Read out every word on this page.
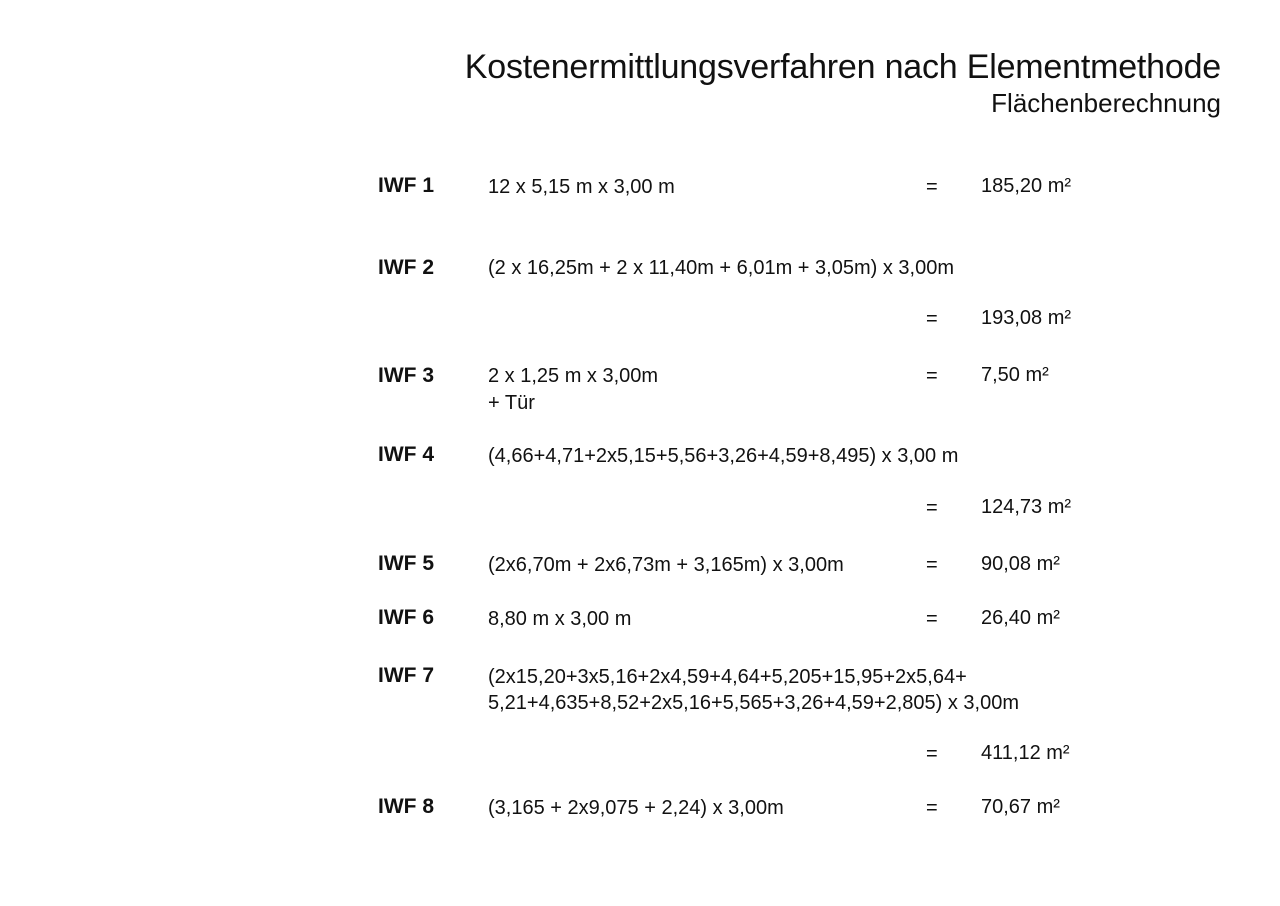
Kostenermittlungsverfahren nach Elementmethode
Flächenberechnung
IWF 1	12 x 5,15 m x 3,00 m	= 185,20 m²
IWF 2	(2 x 16,25m + 2 x 11,40m + 6,01m + 3,05m) x 3,00m
= 193,08 m²
IWF 3	2 x 1,25 m x 3,00m
+ Tür
= 7,50 m²
IWF 4	(4,66+4,71+2x5,15+5,56+3,26+4,59+8,495) x 3,00 m
= 124,73 m²
IWF 5	(2x6,70m + 2x6,73m + 3,165m) x 3,00m	= 90,08 m²
IWF 6	8,80 m x 3,00 m	= 26,40 m²
IWF 7	(2x15,20+3x5,16+2x4,59+4,64+5,205+15,95+2x5,64+
5,21+4,635+8,52+2x5,16+5,565+3,26+4,59+2,805) x 3,00m
= 411,12 m²
IWF 8	(3,165 + 2x9,075 + 2,24) x 3,00m	= 70,67 m²
